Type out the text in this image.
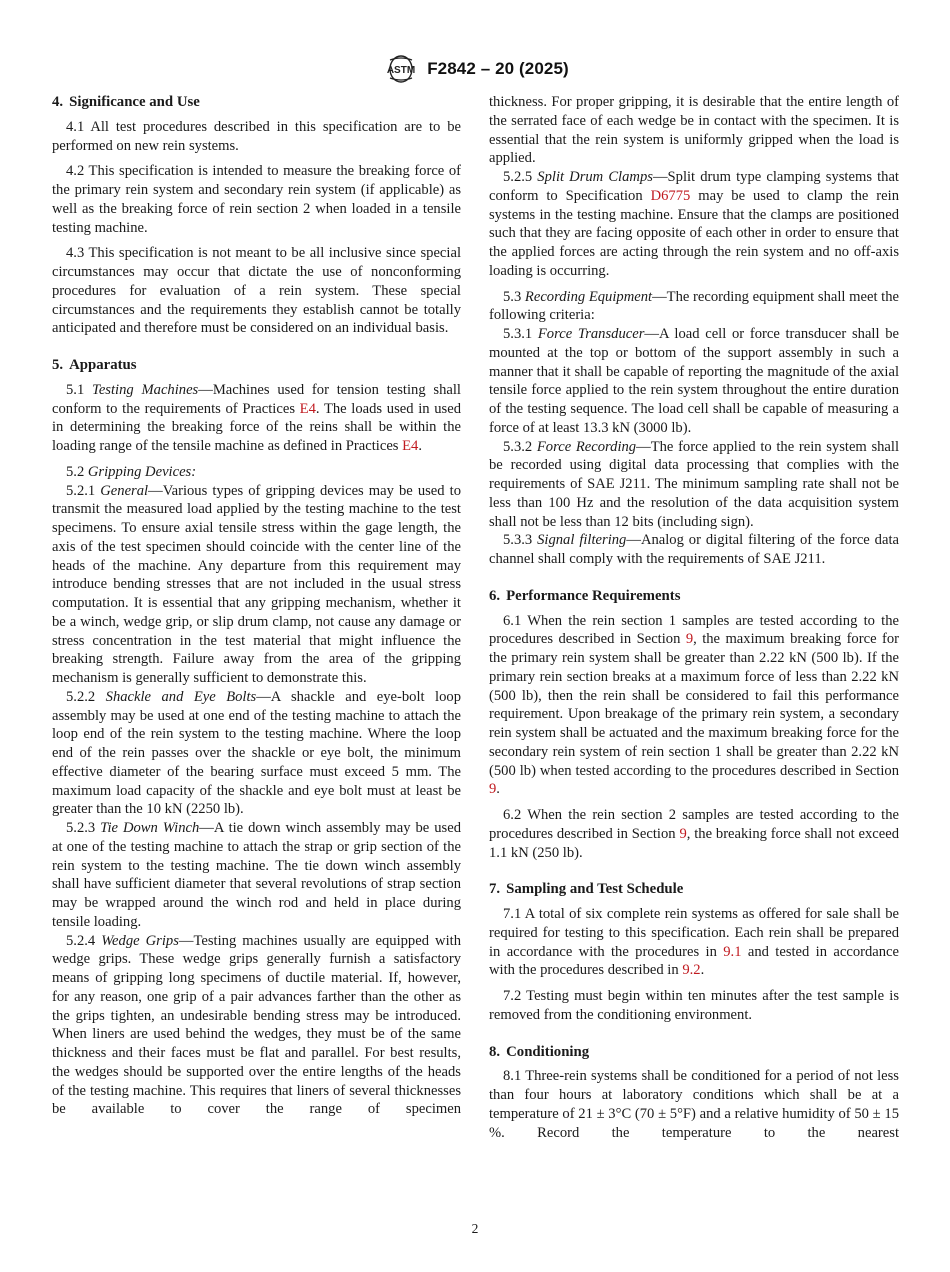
ASTM F2842 – 20 (2025)
4. Significance and Use

4.1 All test procedures described in this specification are to be performed on new rein systems.

4.2 This specification is intended to measure the breaking force of the primary rein system and secondary rein system (if applicable) as well as the breaking force of rein section 2 when loaded in a tensile testing machine.

4.3 This specification is not meant to be all inclusive since special circumstances may occur that dictate the use of nonconforming procedures for evaluation of a rein system. These special circumstances and the requirements they establish cannot be totally anticipated and therefore must be considered on an individual basis.

5. Apparatus

5.1 Testing Machines—Machines used for tension testing shall conform to the requirements of Practices E4. The loads used in used in determining the breaking force of the reins shall be within the loading range of the tensile machine as defined in Practices E4.

5.2 Gripping Devices:

5.2.1 General—Various types of gripping devices may be used to transmit the measured load applied by the testing machine to the test specimens. To ensure axial tensile stress within the gage length, the axis of the test specimen should coincide with the center line of the heads of the machine. Any departure from this requirement may introduce bending stresses that are not included in the usual stress computation. It is essential that any gripping mechanism, whether it be a winch, wedge grip, or slip drum clamp, not cause any damage or stress concentration in the test material that might influence the breaking strength. Failure away from the area of the gripping mechanism is generally sufficient to demonstrate this.

5.2.2 Shackle and Eye Bolts—A shackle and eye-bolt loop assembly may be used at one end of the testing machine to attach the loop end of the rein system to the testing machine. Where the loop end of the rein passes over the shackle or eye bolt, the minimum effective diameter of the bearing surface must exceed 5 mm. The maximum load capacity of the shackle and eye bolt must at least be greater than the 10 kN (2250 lb).

5.2.3 Tie Down Winch—A tie down winch assembly may be used at one of the testing machine to attach the strap or grip section of the rein system to the testing machine. The tie down winch assembly shall have sufficient diameter that several revolutions of strap section may be wrapped around the winch rod and held in place during tensile loading.

5.2.4 Wedge Grips—Testing machines usually are equipped with wedge grips. These wedge grips generally furnish a satisfactory means of gripping long specimens of ductile material. If, however, for any reason, one grip of a pair advances farther than the other as the grips tighten, an undesirable bending stress may be introduced. When liners are used behind the wedges, they must be of the same thickness and their faces must be flat and parallel. For best results, the wedges should be supported over the entire lengths of the heads of the testing machine. This requires that liners of several thicknesses be available to cover the range of specimen

thickness. For proper gripping, it is desirable that the entire length of the serrated face of each wedge be in contact with the specimen. It is essential that the rein system is uniformly gripped when the load is applied.

5.2.5 Split Drum Clamps—Split drum type clamping systems that conform to Specification D6775 may be used to clamp the rein systems in the testing machine. Ensure that the clamps are positioned such that they are facing opposite of each other in order to ensure that the applied forces are acting through the rein system and no off-axis loading is occurring.

5.3 Recording Equipment—The recording equipment shall meet the following criteria:

5.3.1 Force Transducer—A load cell or force transducer shall be mounted at the top or bottom of the support assembly in such a manner that it shall be capable of reporting the magnitude of the axial tensile force applied to the rein system throughout the entire duration of the testing sequence. The load cell shall be capable of measuring a force of at least 13.3 kN (3000 lb).

5.3.2 Force Recording—The force applied to the rein system shall be recorded using digital data processing that complies with the requirements of SAE J211. The minimum sampling rate shall not be less than 100 Hz and the resolution of the data acquisition system shall not be less than 12 bits (including sign).

5.3.3 Signal filtering—Analog or digital filtering of the force data channel shall comply with the requirements of SAE J211.

6. Performance Requirements

6.1 When the rein section 1 samples are tested according to the procedures described in Section 9, the maximum breaking force for the primary rein system shall be greater than 2.22 kN (500 lb). If the primary rein section breaks at a maximum force of less than 2.22 kN (500 lb), then the rein shall be considered to fail this performance requirement. Upon breakage of the primary rein system, a secondary rein system shall be actuated and the maximum breaking force for the secondary rein system of rein section 1 shall be greater than 2.22 kN (500 lb) when tested according to the procedures described in Section 9.

6.2 When the rein section 2 samples are tested according to the procedures described in Section 9, the breaking force shall not exceed 1.1 kN (250 lb).

7. Sampling and Test Schedule

7.1 A total of six complete rein systems as offered for sale shall be required for testing to this specification. Each rein shall be prepared in accordance with the procedures in 9.1 and tested in accordance with the procedures described in 9.2.

7.2 Testing must begin within ten minutes after the test sample is removed from the conditioning environment.

8. Conditioning

8.1 Three-rein systems shall be conditioned for a period of not less than four hours at laboratory conditions which shall be at a temperature of 21 ± 3°C (70 ± 5°F) and a relative humidity of 50 ± 15 %. Record the temperature to the nearest

2
